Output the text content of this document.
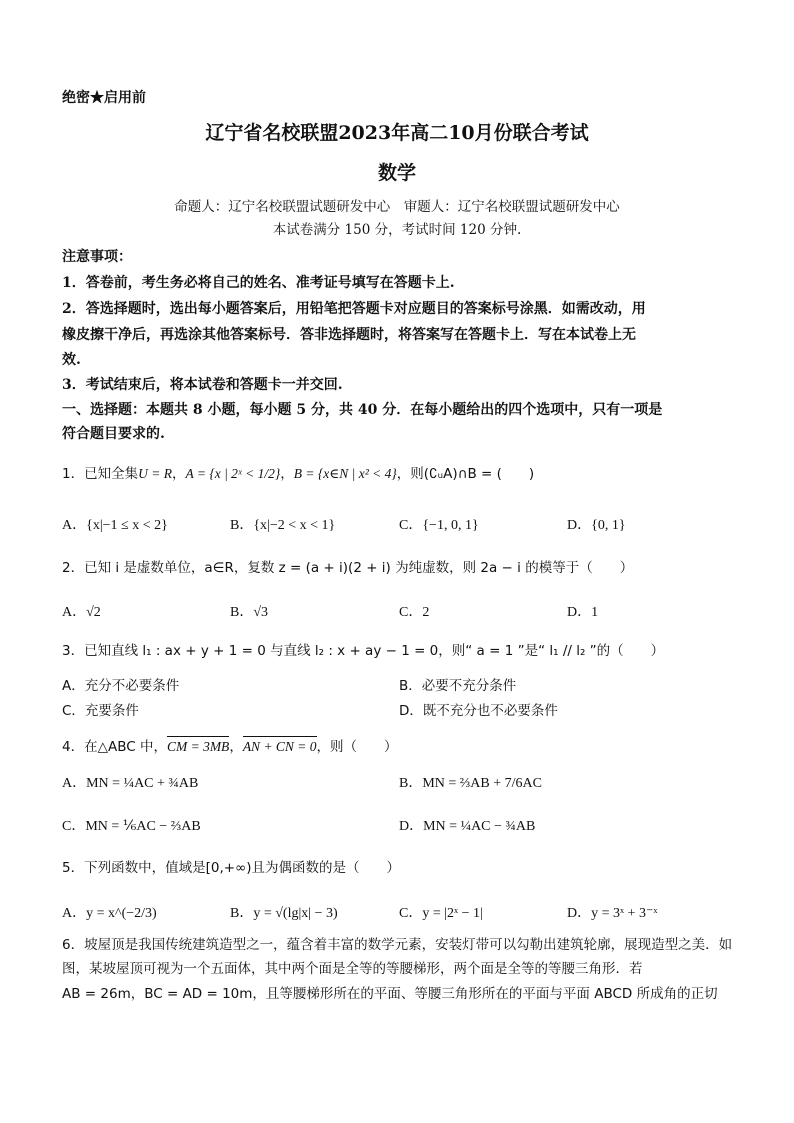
绝密★启用前
辽宁省名校联盟2023年高二10月份联合考试
数学
命题人：辽宁名校联盟试题研发中心　审题人：辽宁名校联盟试题研发中心
本试卷满分 150 分，考试时间 120 分钟.
注意事项：
1．答卷前，考生务必将自己的姓名、准考证号填写在答题卡上.
2．答选择题时，选出每小题答案后，用铅笔把答题卡对应题目的答案标号涂黑．如需改动，用
橡皮擦干净后，再选涂其他答案标号．答非选择题时，将答案写在答题卡上．写在本试卷上无
效.
3．考试结束后，将本试卷和答题卡一并交回.
一、选择题：本题共 8 小题，每小题 5 分，共 40 分．在每小题给出的四个选项中，只有一项是
符合题目要求的.
1．已知全集U = R，A = {x | 2ˣ < 1/2}，B = {x∈N | x² < 4}，则(∁ᵤA)∩B = (　　)
A．{x|−1 ≤ x < 2}	B．{x|−2 < x < 1}	C．{−1, 0, 1}	D．{0, 1}
2．已知 i 是虚数单位，a∈R，复数 z = (a + i)(2 + i) 为纯虚数，则 2a − i 的模等于（　　）
A．√2	B．√3	C．2	D．1
3．已知直线 l₁ : ax + y + 1 = 0 与直线 l₂ : x + ay − 1 = 0，则“ a = 1 ”是“ l₁ // l₂ ”的（　　）
A．充分不必要条件	B．必要不充分条件
C．充要条件	D．既不充分也不必要条件
4．在△ABC 中，CM = 3MB，AN + CN = 0，则（　　）
A．MN = ¼AC + ¾AB	B．MN = ⅔AB + 7/6AC
C．MN = ⅙AC − ⅔AB	D．MN = ¼AC − ¾AB
5．下列函数中，值域是[0,+∞)且为偶函数的是（　　）
A．y = x^(−2/3)	B．y = √(lg|x| − 3)	C．y = |2ˣ − 1|	D．y = 3ˣ + 3⁻ˣ
6．坡屋顶是我国传统建筑造型之一，蕴含着丰富的数学元素，安装灯带可以勾勒出建筑轮廓，展现造型之美．如
图，某坡屋顶可视为一个五面体，其中两个面是全等的等腰梯形，两个面是全等的等腰三角形．若
AB = 26m，BC = AD = 10m，且等腰梯形所在的平面、等腰三角形所在的平面与平面 ABCD 所成角的正切
